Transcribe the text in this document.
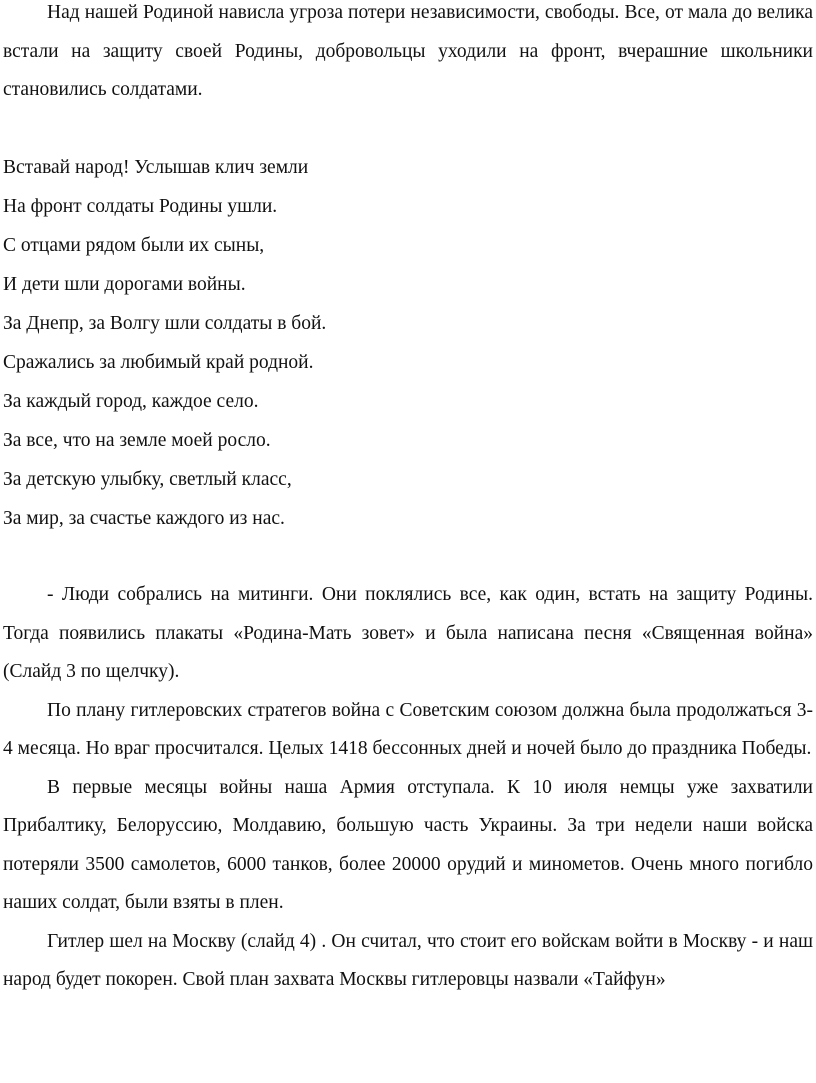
Над нашей Родиной нависла угроза потери независимости, свободы. Все, от мала до велика встали на защиту своей Родины, добровольцы уходили на фронт, вчерашние школьники становились солдатами.

Вставай народ! Услышав клич земли
На фронт солдаты Родины ушли.
С отцами рядом были их сыны,
И дети шли дорогами войны.
За Днепр, за Волгу шли солдаты в бой.
Сражались за любимый край родной.
За каждый город, каждое село.
За все, что на земле моей росло.
За детскую улыбку, светлый класс,
За мир, за счастье каждого из нас.

- Люди собрались на митинги. Они поклялись все, как один, встать на защиту Родины. Тогда появились плакаты «Родина-Мать зовет» и была написана песня «Священная война» (Слайд 3 по щелчку).

По плану гитлеровских стратегов война с Советским союзом должна была продолжаться 3-4 месяца. Но враг просчитался. Целых 1418 бессонных дней и ночей было до праздника Победы.

В первые месяцы войны наша Армия отступала. К 10 июля немцы уже захватили Прибалтику, Белоруссию, Молдавию, большую часть Украины. За три недели наши войска потеряли 3500 самолетов, 6000 танков, более 20000 орудий и минометов. Очень много погибло наших солдат, были взяты в плен.

Гитлер шел на Москву (слайд 4) . Он считал, что стоит его войскам войти в Москву - и наш народ будет покорен. Свой план захвата Москвы гитлеровцы назвали «Тайфун»
